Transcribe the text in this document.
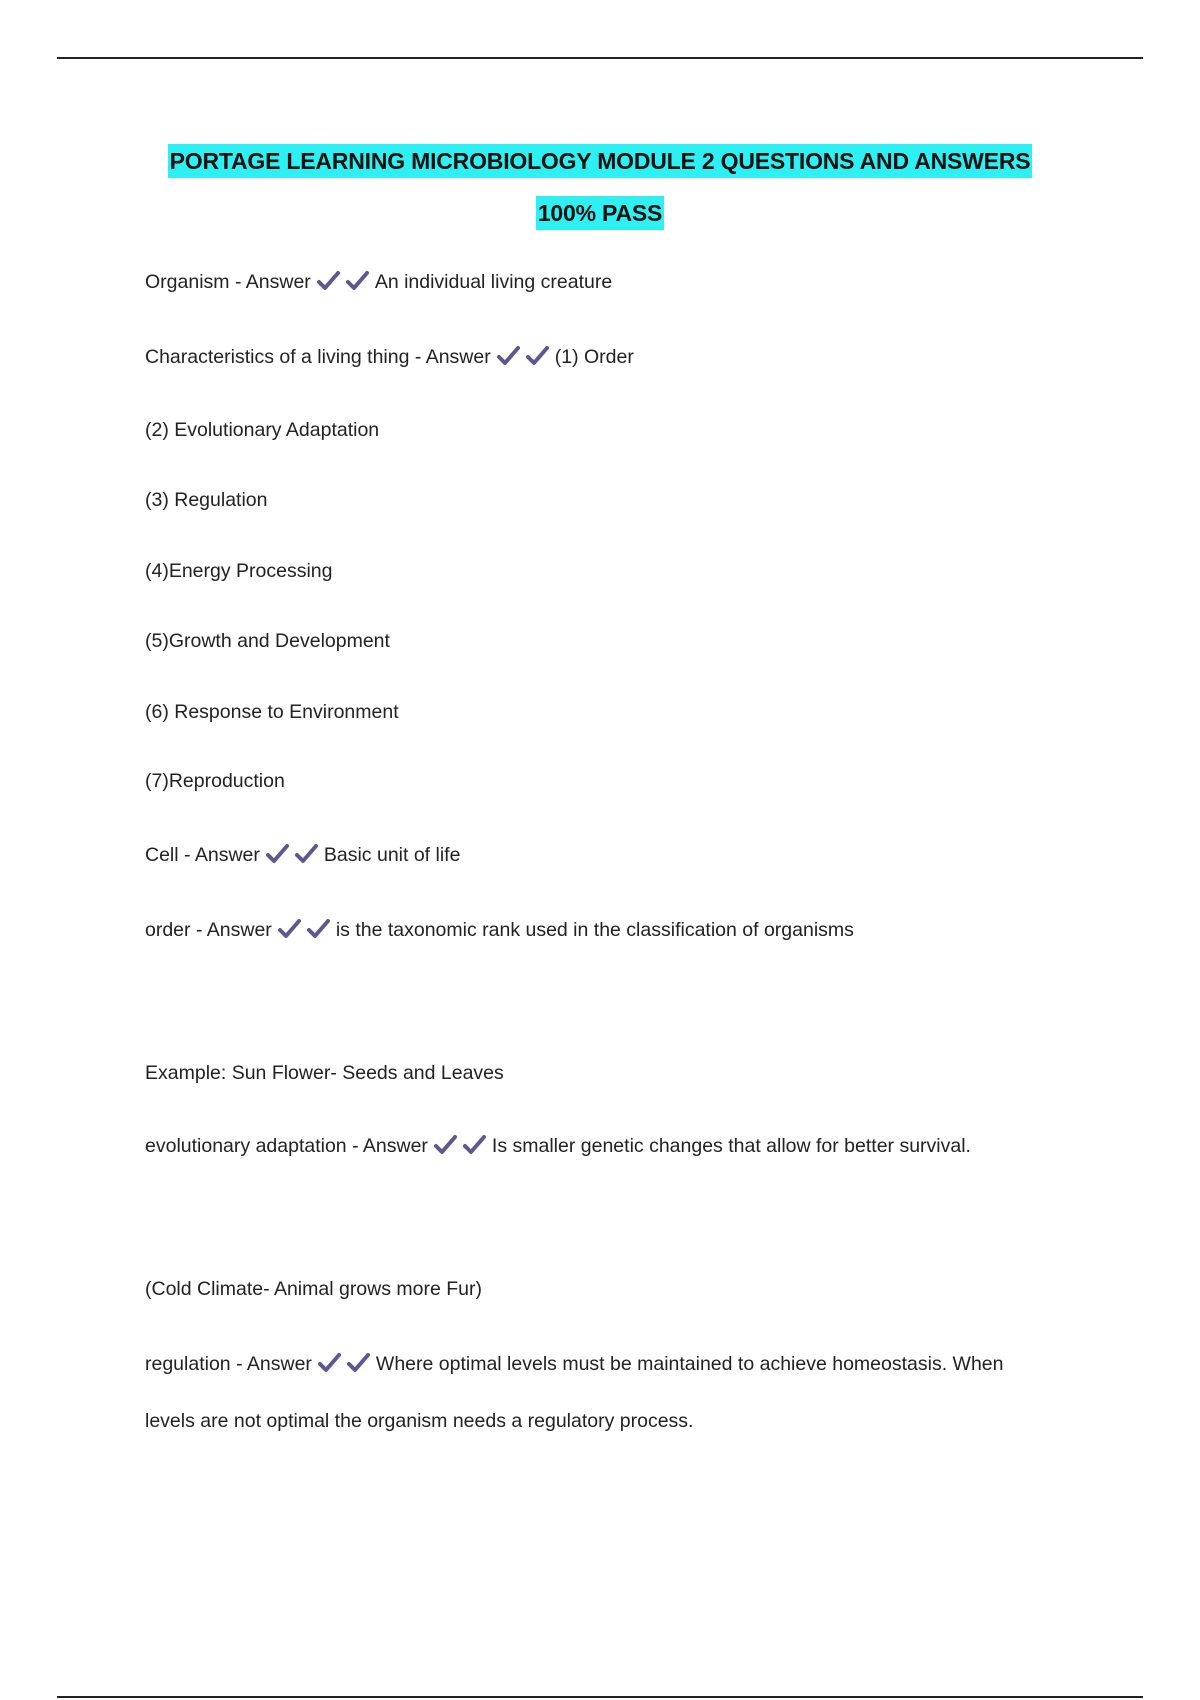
PORTAGE LEARNING MICROBIOLOGY MODULE 2 QUESTIONS AND ANSWERS
100% PASS
Organism - Answer	An individual living creature
Characteristics of a living thing - Answer	(1) Order
(2) Evolutionary Adaptation
(3) Regulation
(4)Energy Processing
(5)Growth and Development
(6) Response to Environment
(7)Reproduction
Cell - Answer	Basic unit of life
order - Answer	is the taxonomic rank used in the classification of organisms
Example: Sun Flower- Seeds and Leaves
evolutionary adaptation - Answer	Is smaller genetic changes that allow for better survival.
(Cold Climate- Animal grows more Fur)
regulation - Answer	Where optimal levels must be maintained to achieve homeostasis. When
levels are not optimal the organism needs a regulatory process.
